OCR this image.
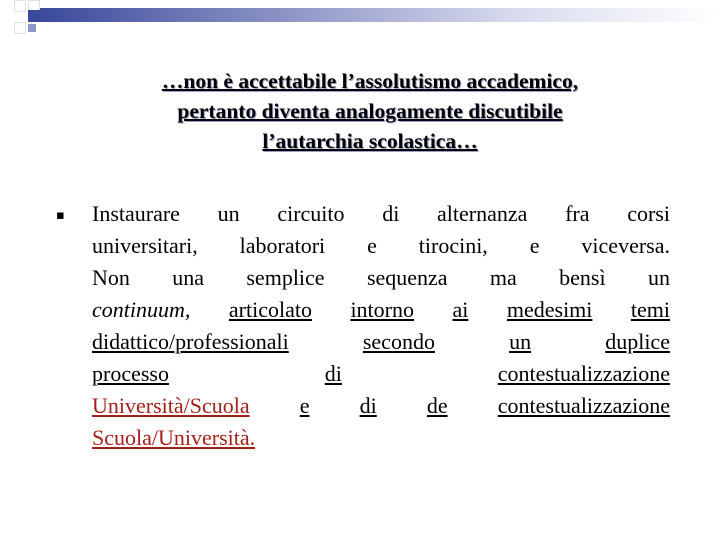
…non è accettabile l’assolutismo accademico,
pertanto diventa analogamente discutibile
l’autarchia scolastica…
▪ Instaurare un circuito di alternanza fra corsi
universitari, laboratori e tirocini, e viceversa.
Non una semplice sequenza ma bensì un
continuum, articolato intorno ai medesimi temi
didattico/professionali	secondo	un	duplice
processo	di	contestualizzazione
Università/Scuola e di de contestualizzazione
Scuola/Università.
